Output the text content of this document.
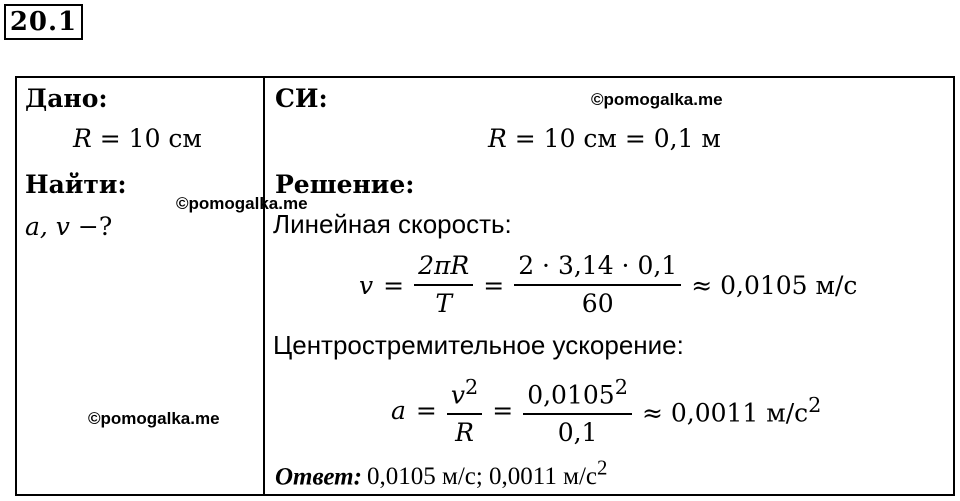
20.1
Дано:
R = 10 см
Найти:
a, v −?
СИ:
R = 10 см = 0,1 м
Решение:
Линейная скорость:
$v = \frac{2\pi R}{T} = \frac{2 \cdot 3,14 \cdot 0,1}{60} \approx 0,0105$ м/с
Центростремительное ускорение:
$a = \frac{v^2}{R} = \frac{0,0105^2}{0,1} \approx 0,0011$ $м/с^2$
Ответ: 0,0105 м/с; 0,0011 $м/с^2$
©pomogalka.me
©pomogalka.me
©pomogalka.me
